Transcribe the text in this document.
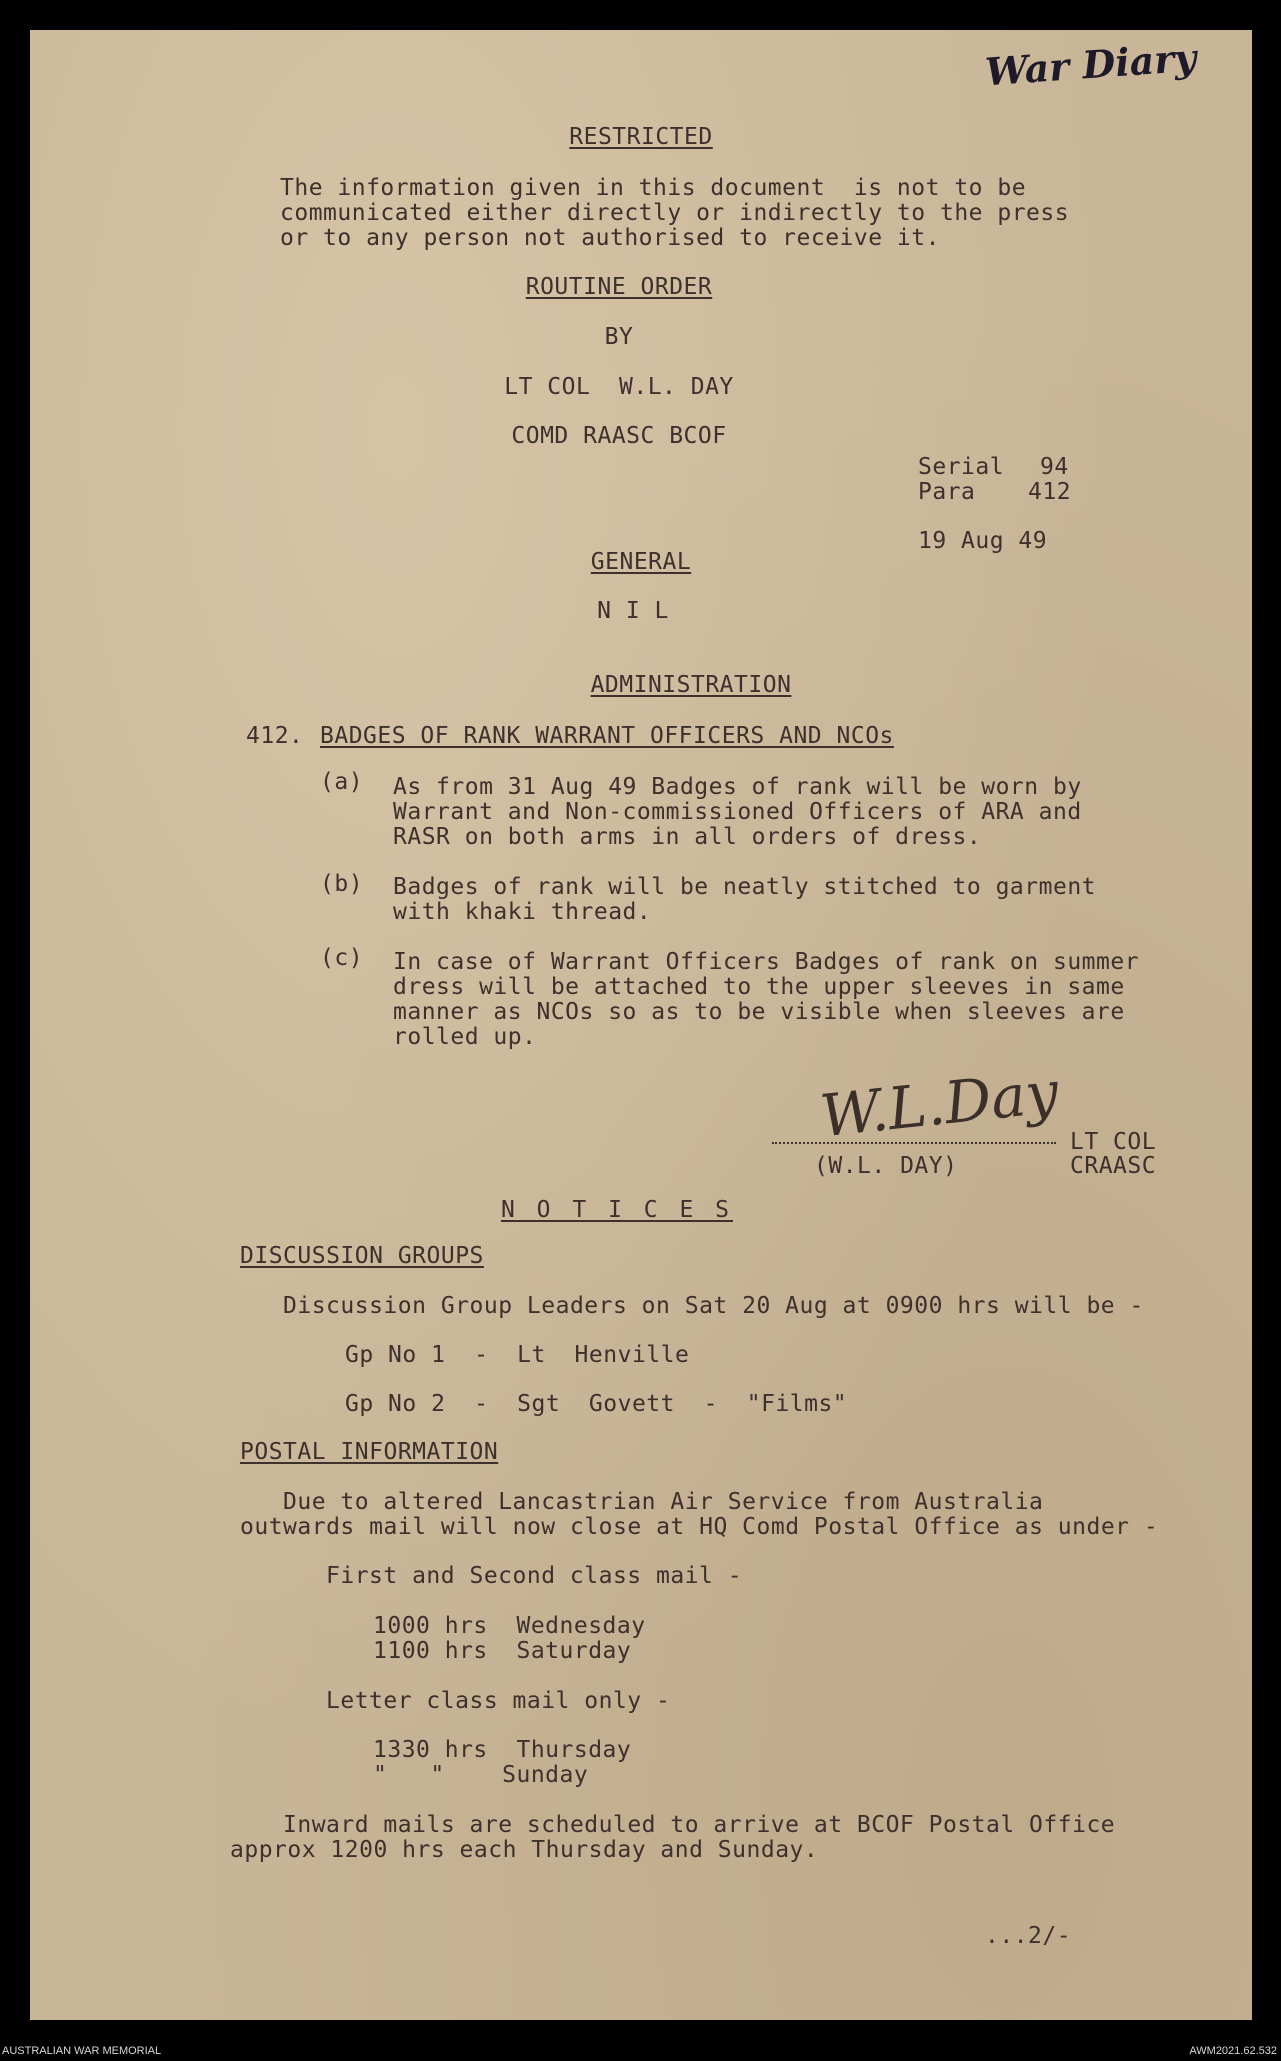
War Diary
RESTRICTED
The information given in this document  is not to be
communicated either directly or indirectly to the press
or to any person not authorised to receive it.
ROUTINE ORDER
BY
LT COL  W.L. DAY
COMD RAASC BCOF
Serial 94
Para 412
19 Aug 49
GENERAL
N I L
ADMINISTRATION
412. BADGES OF RANK WARRANT OFFICERS AND NCOs
(a) As from 31 Aug 49 Badges of rank will be worn by
Warrant and Non-commissioned Officers of ARA and
RASR on both arms in all orders of dress.
(b) Badges of rank will be neatly stitched to garment
with khaki thread.
(c) In case of Warrant Officers Badges of rank on summer
dress will be attached to the upper sleeves in same
manner as NCOs so as to be visible when sleeves are
rolled up.
W.L.Day LT COL
(W.L. DAY)	CRAASC
N O T I C E S
DISCUSSION GROUPS
Discussion Group Leaders on Sat 20 Aug at 0900 hrs will be -
Gp No 1  -  Lt  Henville
Gp No 2  -  Sgt  Govett  -  "Films"
POSTAL INFORMATION
Due to altered Lancastrian Air Service from Australia
outwards mail will now close at HQ Comd Postal Office as under -
First and Second class mail -
1000 hrs  Wednesday
1100 hrs  Saturday
Letter class mail only -
1330 hrs  Thursday
"   "    Sunday
Inward mails are scheduled to arrive at BCOF Postal Office
approx 1200 hrs each Thursday and Sunday.
...2/-
AUSTRALIAN WAR MEMORIAL	AWM2021.62.532
